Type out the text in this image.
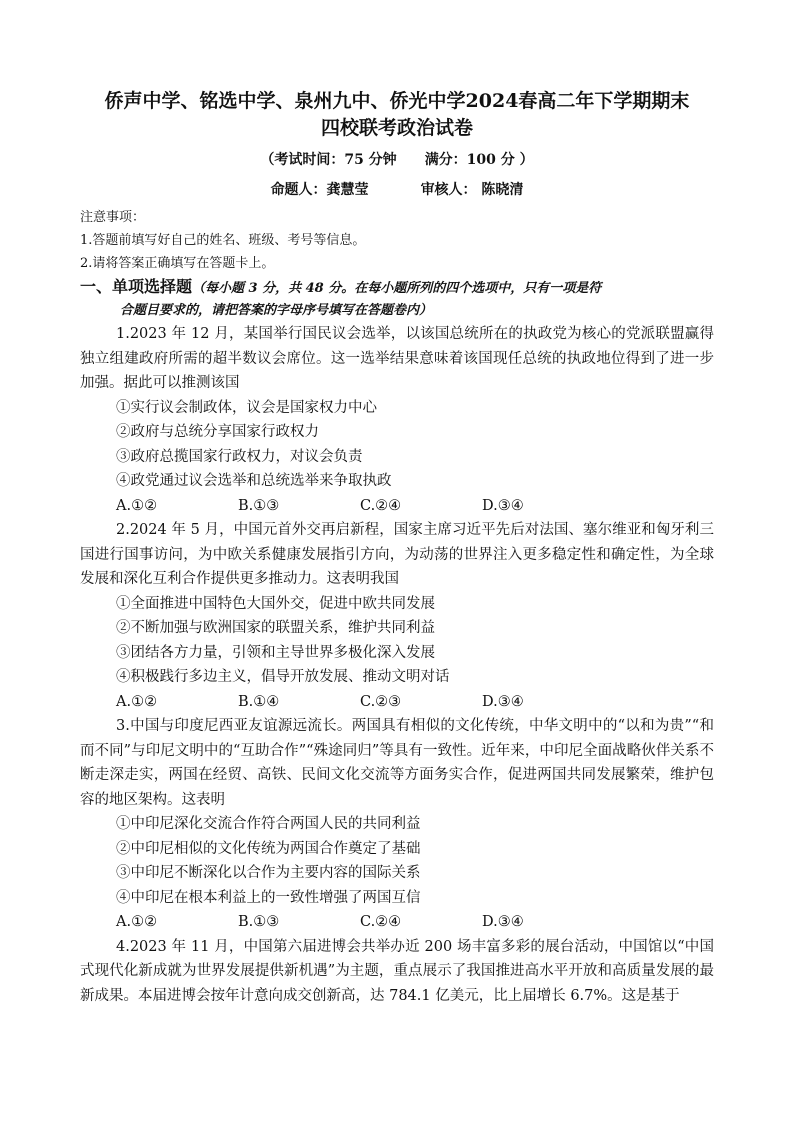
侨声中学、铭选中学、泉州九中、侨光中学2024春高二年下学期期末
四校联考政治试卷
（考试时间：75 分钟 满分：100 分 ）
命题人：龚慧莹	审核人： 陈晓清
注意事项：
1.答题前填写好自己的姓名、班级、考号等信息。
2.请将答案正确填写在答题卡上。
一、单项选择题（每小题 3 分，共 48 分。在每小题所列的四个选项中，只有一项是符
合题目要求的，请把答案的字母序号填写在答题卷内）
1.2023 年 12 月，某国举行国民议会选举，以该国总统所在的执政党为核心的党派联盟赢得独立组建政府所需的超半数议会席位。这一选举结果意味着该国现任总统的执政地位得到了进一步加强。据此可以推测该国
①实行议会制政体，议会是国家权力中心
②政府与总统分享国家行政权力
③政府总揽国家行政权力，对议会负责
④政党通过议会选举和总统选举来争取执政
A.①②	B.①③	C.②④	D.③④
2.2024 年 5 月，中国元首外交再启新程，国家主席习近平先后对法国、塞尔维亚和匈牙利三国进行国事访问，为中欧关系健康发展指引方向，为动荡的世界注入更多稳定性和确定性，为全球发展和深化互利合作提供更多推动力。这表明我国
①全面推进中国特色大国外交，促进中欧共同发展
②不断加强与欧洲国家的联盟关系，维护共同利益
③团结各方力量，引领和主导世界多极化深入发展
④积极践行多边主义，倡导开放发展、推动文明对话
A.①②	B.①④	C.②③	D.③④
3.中国与印度尼西亚友谊源远流长。两国具有相似的文化传统，中华文明中的“以和为贵”“和而不同”与印尼文明中的“互助合作”“殊途同归”等具有一致性。近年来，中印尼全面战略伙伴关系不断走深走实，两国在经贸、高铁、民间文化交流等方面务实合作，促进两国共同发展繁荣，维护包容的地区架构。这表明
①中印尼深化交流合作符合两国人民的共同利益
②中印尼相似的文化传统为两国合作奠定了基础
③中印尼不断深化以合作为主要内容的国际关系
④中印尼在根本利益上的一致性增强了两国互信
A.①②	B.①③	C.②④	D.③④
4.2023 年 11 月，中国第六届进博会共举办近 200 场丰富多彩的展台活动，中国馆以“中国式现代化新成就为世界发展提供新机遇”为主题，重点展示了我国推进高水平开放和高质量发展的最新成果。本届进博会按年计意向成交创新高，达 784.1 亿美元，比上届增长 6.7%。这是基于
